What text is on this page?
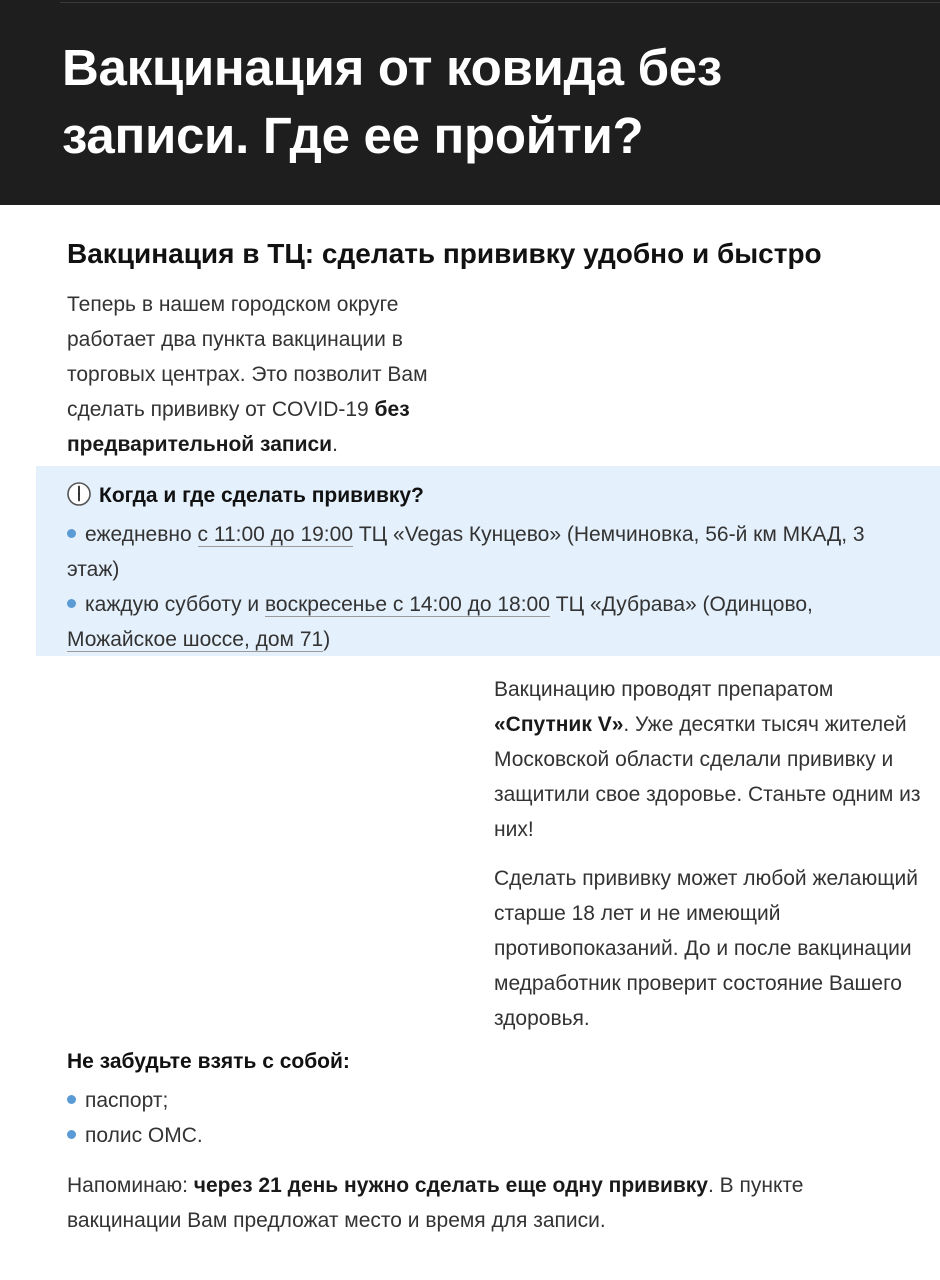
Вакцинация от ковида без записи. Где ее пройти?
Вакцинация в ТЦ: сделать прививку удобно и быстро

Теперь в нашем городском округе работает два пункта вакцинации в торговых центрах. Это позволит Вам сделать прививку от COVID-19 без предварительной записи.

Когда и где сделать прививку?

ежедневно с 11:00 до 19:00 ТЦ «Vegas Кунцево» (Немчиновка, 56-й км МКАД, 3 этаж)

каждую субботу и воскресенье с 14:00 до 18:00 ТЦ «Дубрава» (Одинцово, Можайское шоссе, дом 71)

Вакцинацию проводят препаратом «Спутник V». Уже десятки тысяч жителей Московской области сделали прививку и защитили свое здоровье. Станьте одним из них!

Сделать прививку может любой желающий старше 18 лет и не имеющий противопоказаний. До и после вакцинации медработник проверит состояние Вашего здоровья.

Не забудьте взять с собой:

паспорт;
полис ОМС.

Напоминаю: через 21 день нужно сделать еще одну прививку. В пункте вакцинации Вам предложат место и время для записи.
